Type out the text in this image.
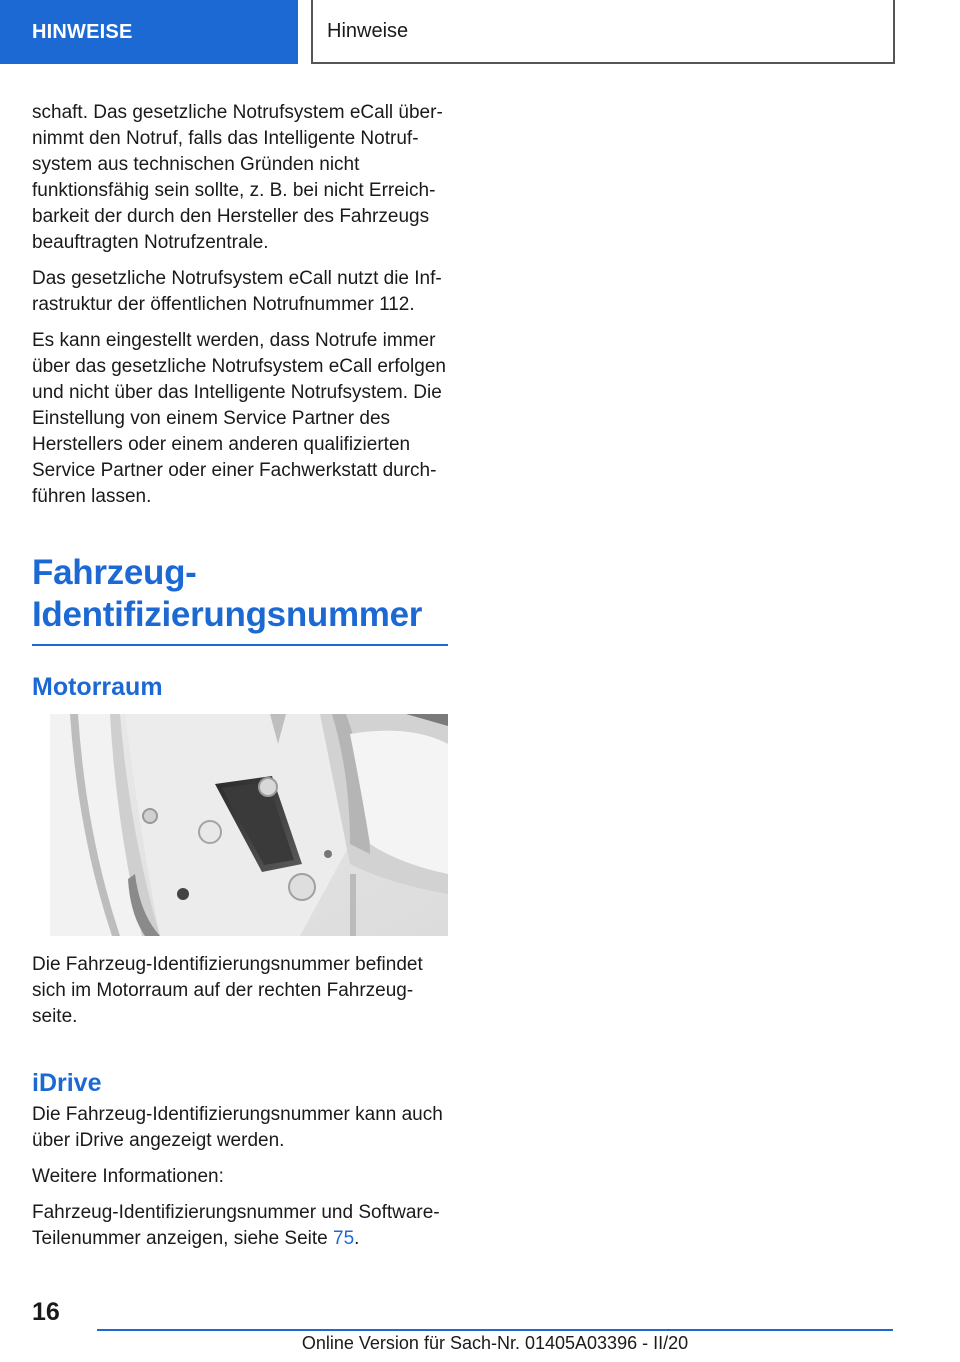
HINWEISE	Hinweise

schaft. Das gesetzliche Notrufsystem eCall übernimmt den Notruf, falls das Intelligente Notrufsystem aus technischen Gründen nicht funktionsfähig sein sollte, z. B. bei nicht Erreichbarkeit der durch den Hersteller des Fahrzeugs beauftragten Notrufzentrale.

Das gesetzliche Notrufsystem eCall nutzt die Infrastruktur der öffentlichen Notrufnummer 112.

Es kann eingestellt werden, dass Notrufe immer über das gesetzliche Notrufsystem eCall erfolgen und nicht über das Intelligente Notrufsystem. Die Einstellung von einem Service Partner des Herstellers oder einem anderen qualifizierten Service Partner oder einer Fachwerkstatt durchführen lassen.

Fahrzeug-Identifizierungsnummer
Motorraum

Die Fahrzeug-Identifizierungsnummer befindet sich im Motorraum auf der rechten Fahrzeugseite.

iDrive

Die Fahrzeug-Identifizierungsnummer kann auch über iDrive angezeigt werden.

Weitere Informationen:

Fahrzeug-Identifizierungsnummer und Software-Teilenummer anzeigen, siehe Seite 75.

16
Online Version für Sach-Nr. 01405A03396 - II/20
